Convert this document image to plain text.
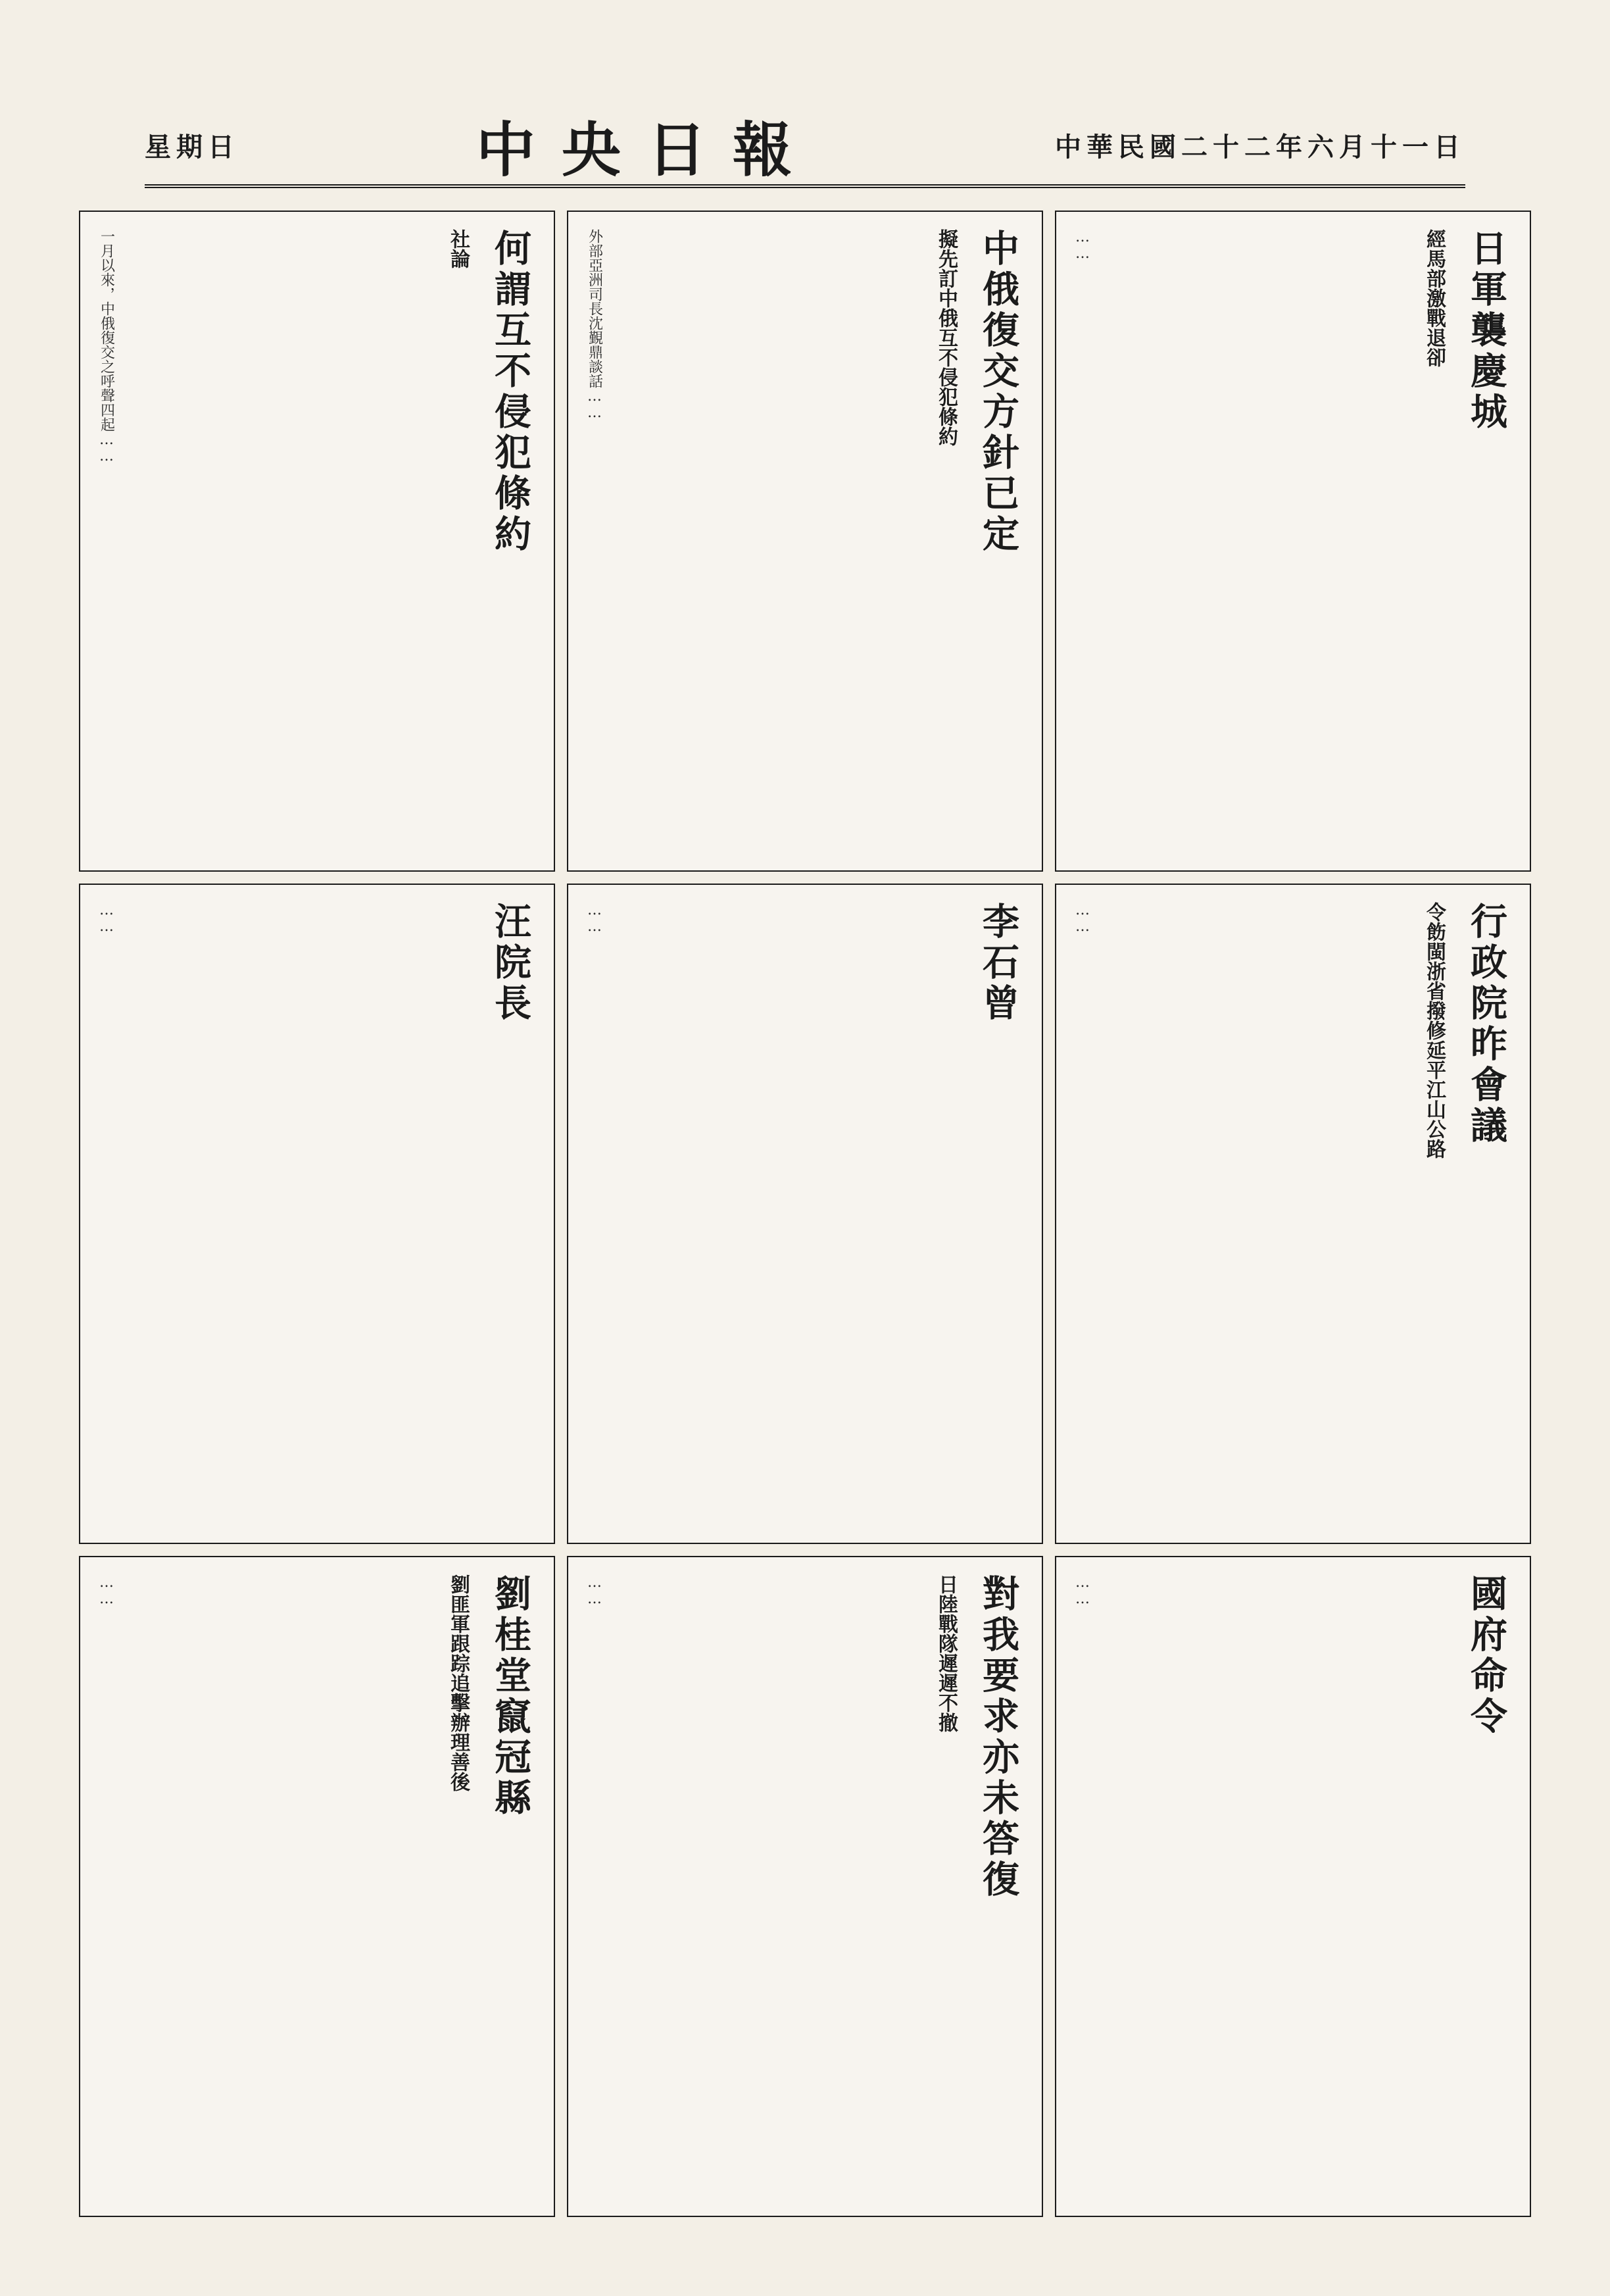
星期日	中央日報	中華民國二十二年六月十一日
何謂互不侵犯條約
社論
一月以來，中俄復交之呼聲四起……	中俄復交方針已定
擬先訂中俄互不侵犯條約
外部亞洲司長沈覲鼎談話……	日軍襲慶城
經馬部激戰退卻
……
汪院長
……	李石曾
……	行政院昨會議
令飭閩浙省撥修延平江山公路
……
劉桂堂竄冠縣
劉匪軍跟踪追擊辦理善後
……	對我要求亦未答復
日陸戰隊遲遲不撤
……	國府命令
……
